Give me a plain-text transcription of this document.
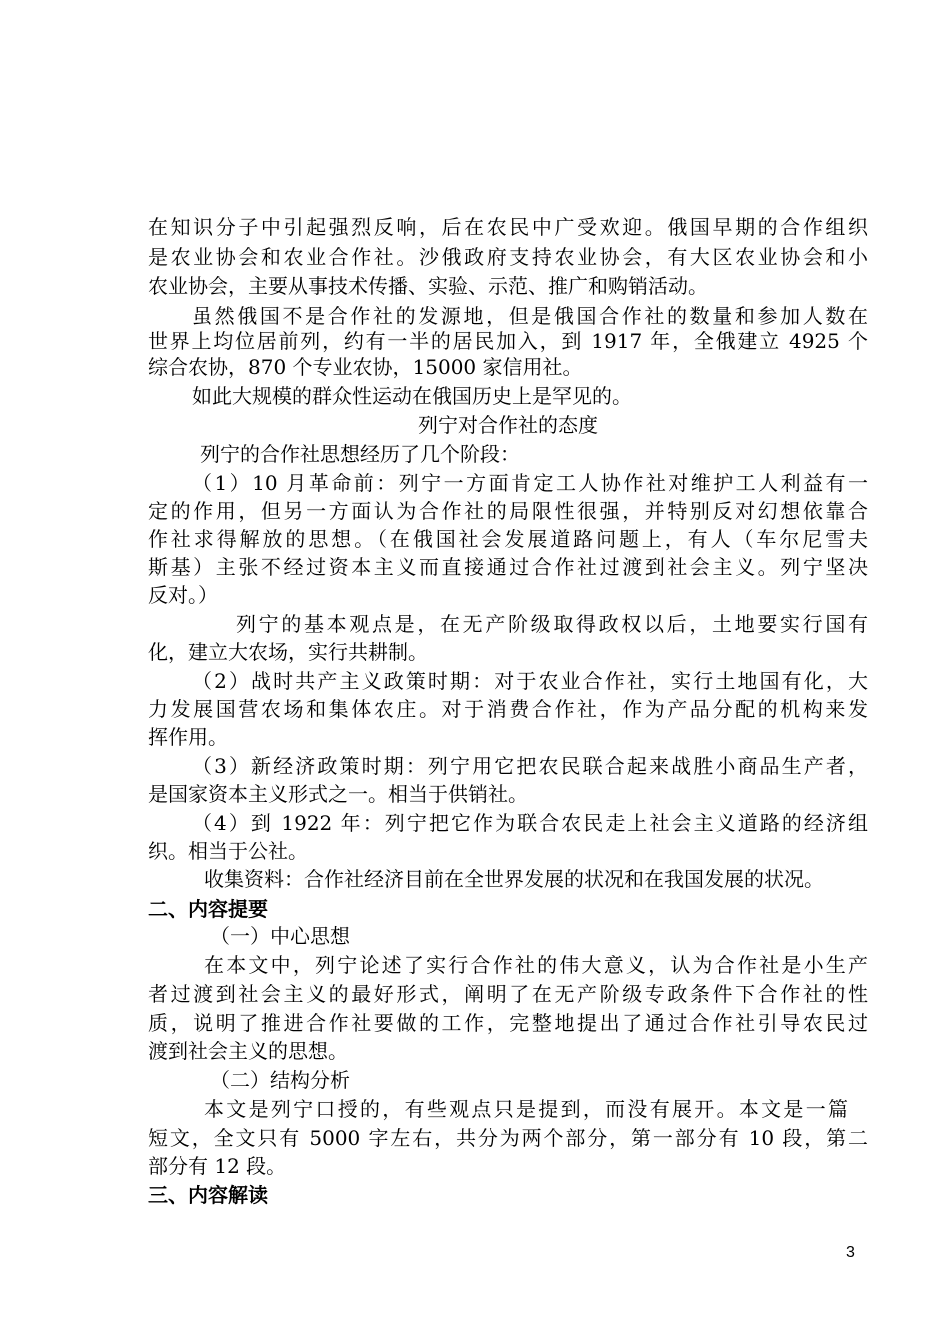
在知识分子中引起强烈反响，后在农民中广受欢迎。俄国早期的合作组织
是农业协会和农业合作社。沙俄政府支持农业协会，有大区农业协会和小
农业协会，主要从事技术传播、实验、示范、推广和购销活动。
虽然俄国不是合作社的发源地，但是俄国合作社的数量和参加人数在
世界上均位居前列，约有一半的居民加入，到 1917 年，全俄建立 4925 个
综合农协，870 个专业农协，15000 家信用社。
如此大规模的群众性运动在俄国历史上是罕见的。
列宁对合作社的态度
列宁的合作社思想经历了几个阶段：
（1）10 月革命前：列宁一方面肯定工人协作社对维护工人利益有一
定的作用，但另一方面认为合作社的局限性很强，并特别反对幻想依靠合
作社求得解放的思想。（在俄国社会发展道路问题上，有人（车尔尼雪夫
斯基）主张不经过资本主义而直接通过合作社过渡到社会主义。列宁坚决
反对。）
列宁的基本观点是，在无产阶级取得政权以后，土地要实行国有
化，建立大农场，实行共耕制。
（2）战时共产主义政策时期：对于农业合作社，实行土地国有化，大
力发展国营农场和集体农庄。对于消费合作社，作为产品分配的机构来发
挥作用。
（3）新经济政策时期：列宁用它把农民联合起来战胜小商品生产者，
是国家资本主义形式之一。相当于供销社。
（4）到 1922 年：列宁把它作为联合农民走上社会主义道路的经济组
织。相当于公社。
收集资料：合作社经济目前在全世界发展的状况和在我国发展的状况。
二、内容提要
（一）中心思想
在本文中，列宁论述了实行合作社的伟大意义，认为合作社是小生产
者过渡到社会主义的最好形式，阐明了在无产阶级专政条件下合作社的性
质，说明了推进合作社要做的工作，完整地提出了通过合作社引导农民过
渡到社会主义的思想。
（二）结构分析
本文是列宁口授的，有些观点只是提到，而没有展开。本文是一篇
短文，全文只有 5000 字左右，共分为两个部分，第一部分有 10 段，第二
部分有 12 段。
三、内容解读
3
